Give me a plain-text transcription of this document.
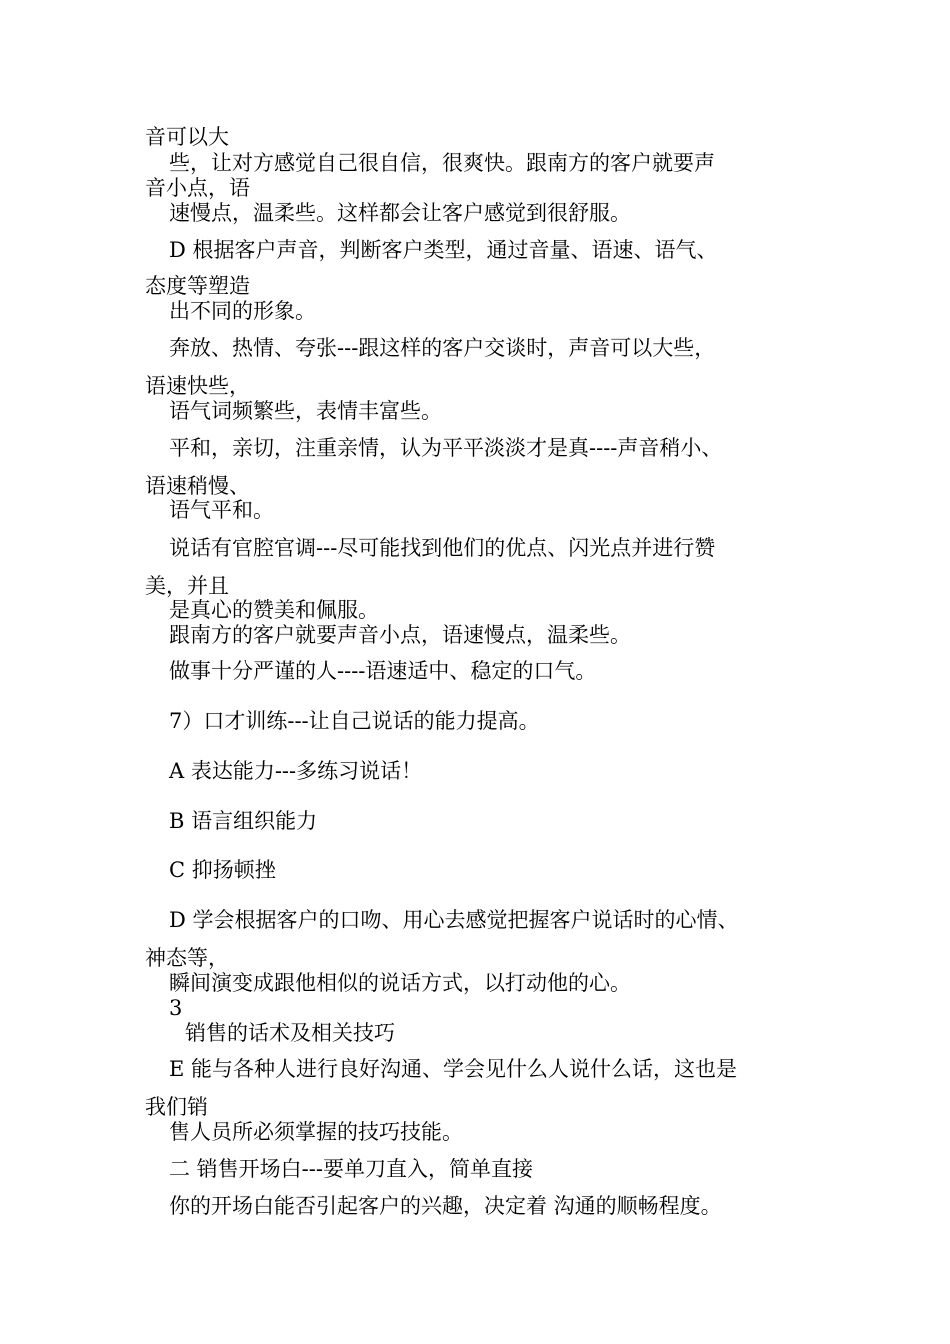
音可以大

些，让对方感觉自己很自信，很爽快。跟南方的客户就要声

音小点，语

速慢点，温柔些。这样都会让客户感觉到很舒服。

D 根据客户声音，判断客户类型，通过音量、语速、语气、

态度等塑造

出不同的形象。

奔放、热情、夸张---跟这样的客户交谈时，声音可以大些，

语速快些，

语气词频繁些，表情丰富些。

平和，亲切，注重亲情，认为平平淡淡才是真----声音稍小、

语速稍慢、

语气平和。

说话有官腔官调---尽可能找到他们的优点、闪光点并进行赞

美，并且

是真心的赞美和佩服。

跟南方的客户就要声音小点，语速慢点，温柔些。

做事十分严谨的人----语速适中、稳定的口气。

7）口才训练---让自己说话的能力提高。

A 表达能力---多练习说话！

B 语言组织能力

C 抑扬顿挫

D 学会根据客户的口吻、用心去感觉把握客户说话时的心情、

神态等，

瞬间演变成跟他相似的说话方式，以打动他的心。

3

销售的话术及相关技巧

E 能与各种人进行良好沟通、学会见什么人说什么话，这也是

我们销

售人员所必须掌握的技巧技能。

二 销售开场白---要单刀直入，简单直接

你的开场白能否引起客户的兴趣，决定着 沟通的顺畅程度。
